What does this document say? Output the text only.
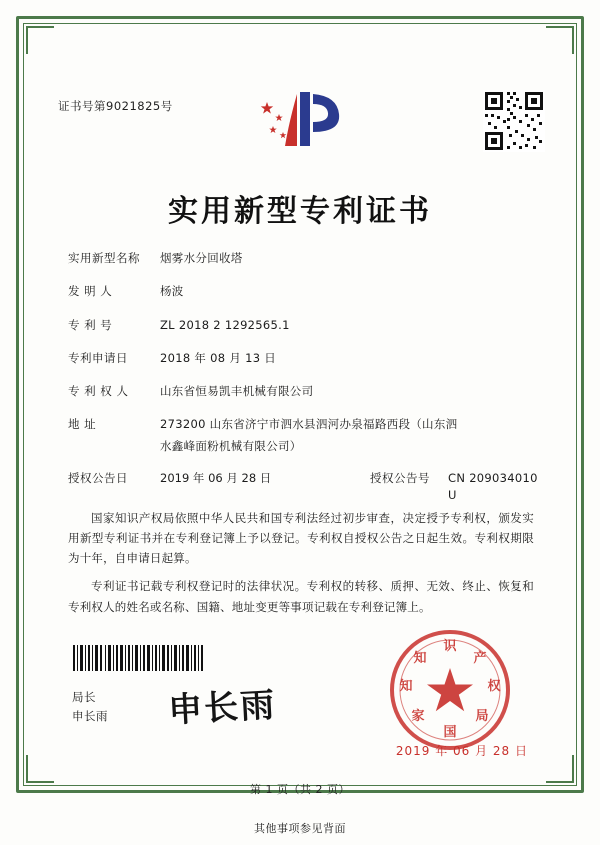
证书号第9021825号
实用新型专利证书
实用新型名称	烟雾水分回收塔
发 明 人	杨波
专 利 号	ZL 2018 2 1292565.1
专利申请日	2018 年 08 月 13 日
专 利 权 人	山东省恒易凯丰机械有限公司
地 址	273200 山东省济宁市泗水县泗河办泉福路西段（山东泗
水鑫峰面粉机械有限公司）
授权公告日	2019 年 06 月 28 日	授权公告号	CN 209034010 U

国家知识产权局依照中华人民共和国专利法经过初步审查，决定授予专利权，颁发实用新型专利证书并在专利登记簿上予以登记。专利权自授权公告之日起生效。专利权期限为十年，自申请日起算。

专利证书记载专利权登记时的法律状况。专利权的转移、质押、无效、终止、恢复和专利权人的姓名或名称、国籍、地址变更等事项记载在专利登记簿上。

局长
申长雨 申长雨
识
产
权
局
国
家
知
知
2019 年 06 月 28 日
第 1 页（共 2 页）
其他事项参见背面
